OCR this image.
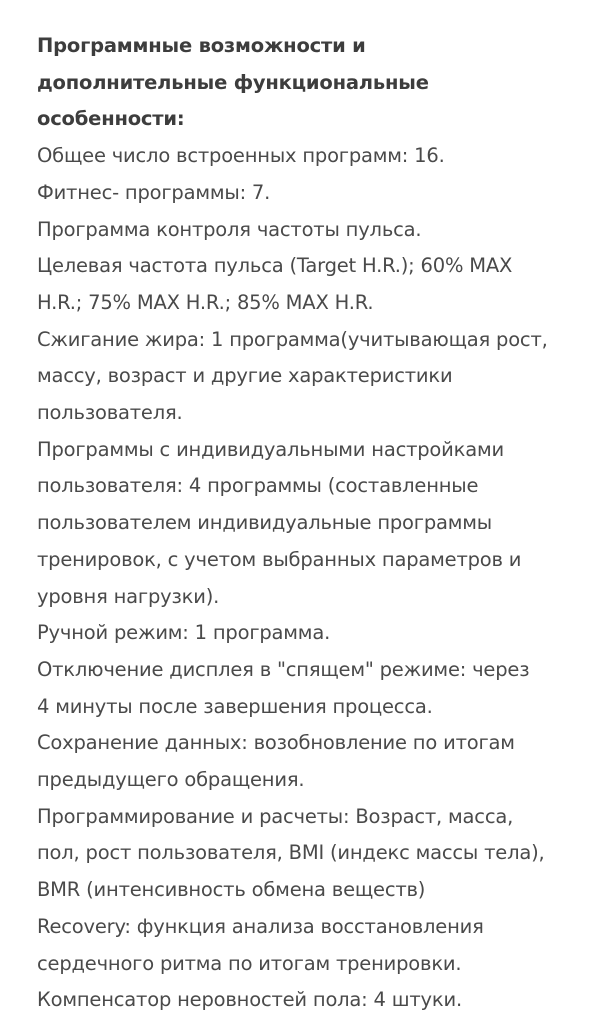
Программные возможности и
дополнительные функциональные
особенности:

Общее число встроенных программ: 16.
Фитнес- программы: 7.
Программа контроля частоты пульса.
Целевая частота пульса (Target H.R.); 60% MAX
H.R.; 75% MAX H.R.; 85% MAX H.R.
Сжигание жира: 1 программа(учитывающая рост,
массу, возраст и другие характеристики
пользователя.
Программы с индивидуальными настройками
пользователя: 4 программы (составленные
пользователем индивидуальные программы
тренировок, с учетом выбранных параметров и
уровня нагрузки).
Ручной режим: 1 программа.
Отключение дисплея в "спящем" режиме: через
4 минуты после завершения процесса.
Сохранение данных: возобновление по итогам
предыдущего обращения.
Программирование и расчеты: Возраст, масса,
пол, рост пользователя, BMI (индекс массы тела),
BMR (интенсивность обмена веществ)
Recovery: функция анализа восстановления
сердечного ритма по итогам тренировки.
Компенсатор неровностей пола: 4 штуки.
